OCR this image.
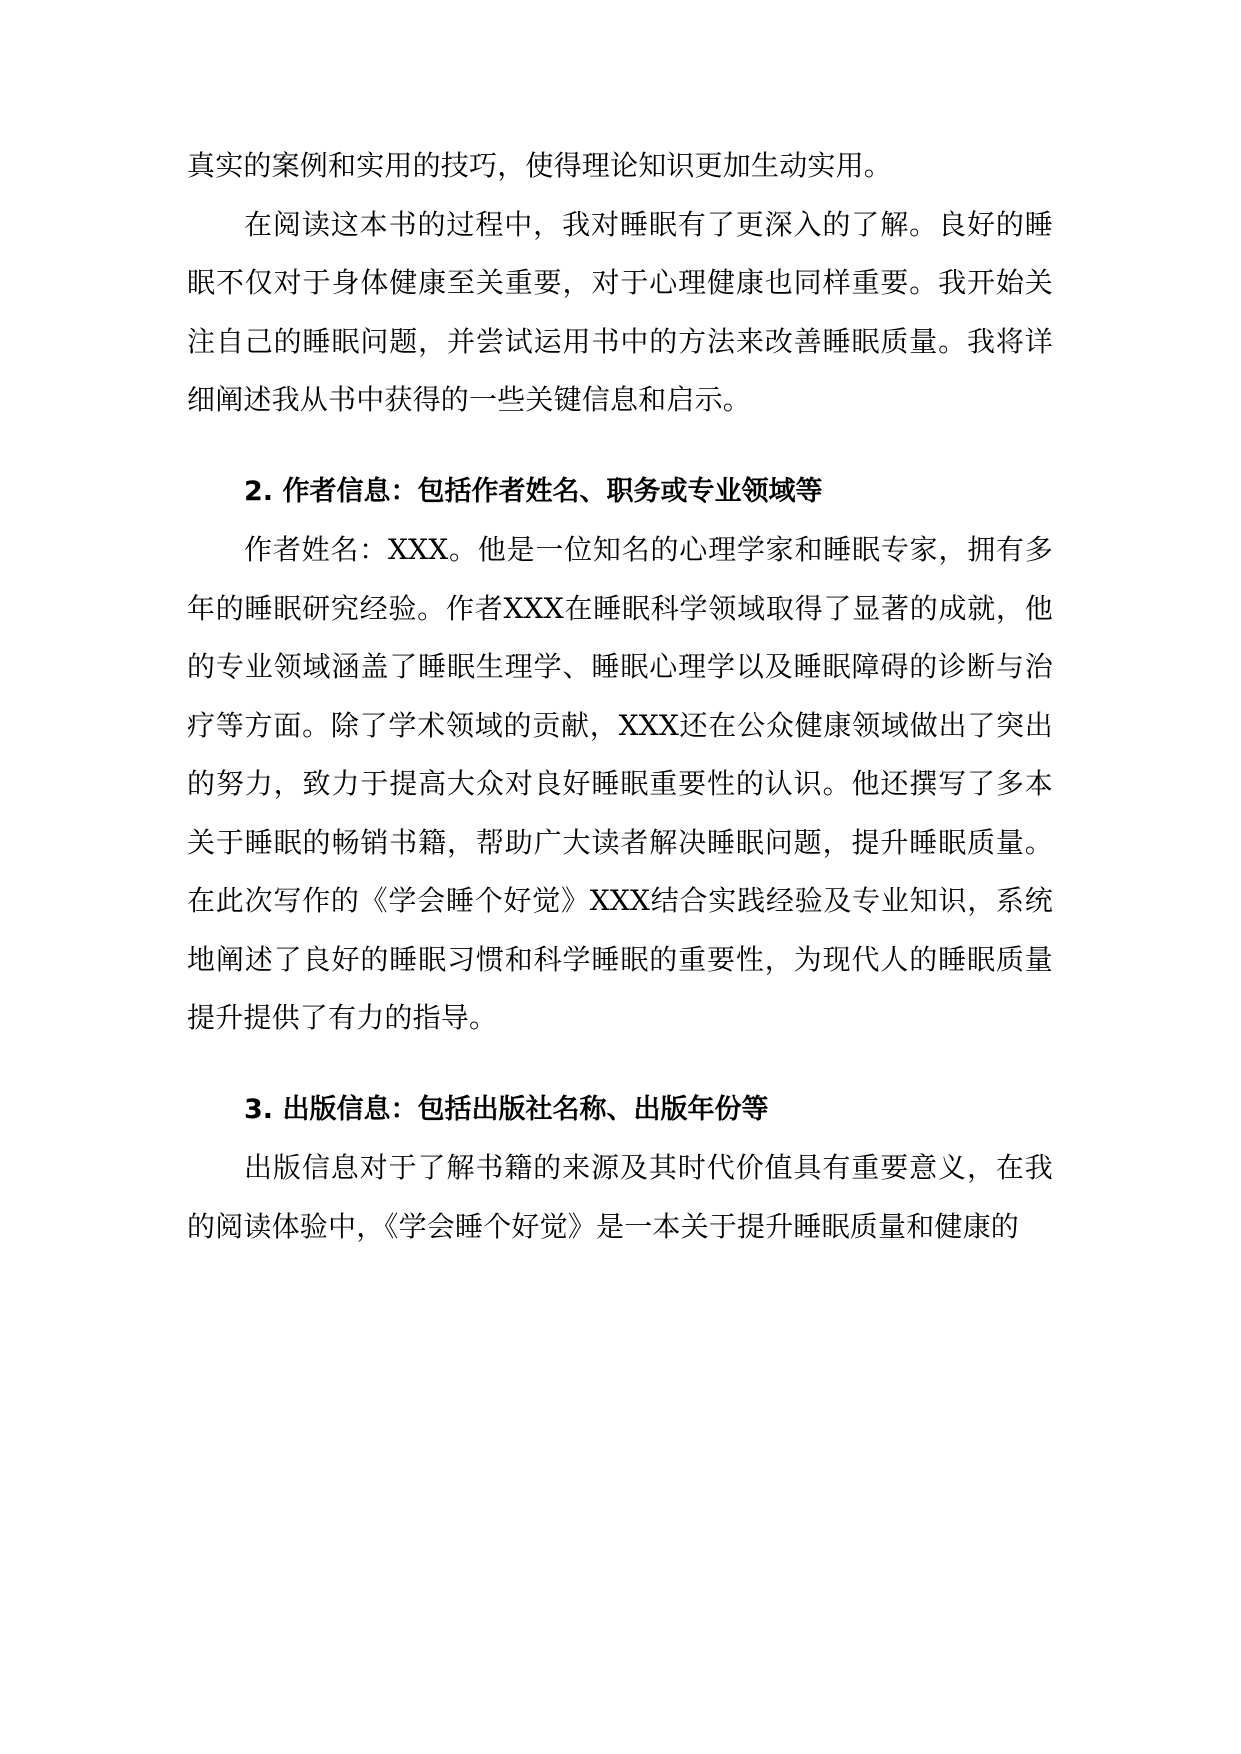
真实的案例和实用的技巧，使得理论知识更加生动实用。

在阅读这本书的过程中，我对睡眠有了更深入的了解。良好的睡眠不仅对于身体健康至关重要，对于心理健康也同样重要。我开始关注自己的睡眠问题，并尝试运用书中的方法来改善睡眠质量。我将详细阐述我从书中获得的一些关键信息和启示。

2. 作者信息：包括作者姓名、职务或专业领域等

作者姓名：XXX。他是一位知名的心理学家和睡眠专家，拥有多年的睡眠研究经验。作者XXX在睡眠科学领域取得了显著的成就，他的专业领域涵盖了睡眠生理学、睡眠心理学以及睡眠障碍的诊断与治疗等方面。除了学术领域的贡献，XXX还在公众健康领域做出了突出的努力，致力于提高大众对良好睡眠重要性的认识。他还撰写了多本关于睡眠的畅销书籍，帮助广大读者解决睡眠问题，提升睡眠质量。在此次写作的《学会睡个好觉》XXX结合实践经验及专业知识，系统地阐述了良好的睡眠习惯和科学睡眠的重要性，为现代人的睡眠质量提升提供了有力的指导。

3. 出版信息：包括出版社名称、出版年份等

出版信息对于了解书籍的来源及其时代价值具有重要意义，在我的阅读体验中，《学会睡个好觉》是一本关于提升睡眠质量和健康的
